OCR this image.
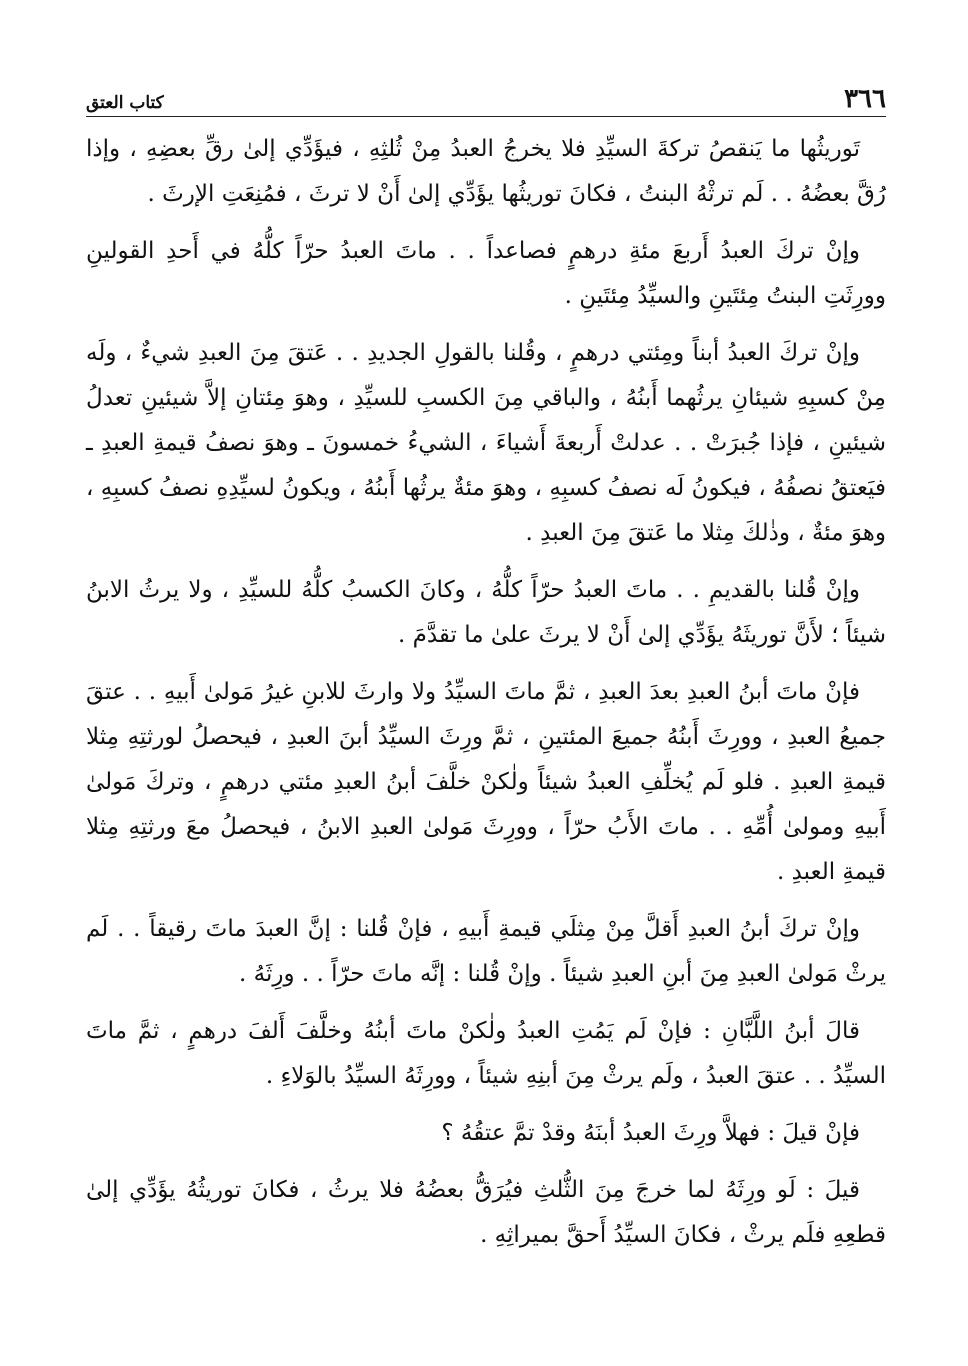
٣٦٦
كتاب العتق

تَوريثُها ما يَنقصُ تركةَ السيِّدِ فلا يخرجُ العبدُ مِنْ ثُلثِهِ ، فيؤَدِّي إلىٰ رقِّ بعضِهِ ، وإذا رُقَّ بعضُهُ . . لَم ترثْهُ البنتُ ، فكانَ توريثُها يؤَدِّي إلىٰ أَنْ لا ترثَ ، فمُنِعَتِ الإرثَ .

وإنْ تركَ العبدُ أَربعَ مئةِ درهمٍ فصاعداً . . ماتَ العبدُ حرّاً كلُّهُ في أَحدِ القولينِ وورِثَتِ البنتُ مِئتَينِ والسيِّدُ مِئتَينِ .

وإنْ تركَ العبدُ أبناً ومِئتي درهمٍ ، وقُلنا بالقولِ الجديدِ . . عَتقَ مِنَ العبدِ شيءٌ ، ولَه مِنْ كسبِهِ شيئانِ يرثُهما أَبنُهُ ، والباقي مِنَ الكسبِ للسيِّدِ ، وهوَ مِئتانِ إلاَّ شيئينِ تعدلُ شيئينِ ، فإذا جُبرَتْ . . عدلتْ أَربعةَ أَشياءَ ، الشيءُ خمسونَ ـ وهوَ نصفُ قيمةِ العبدِ ـ فيَعتقُ نصفُهُ ، فيكونُ لَه نصفُ كسبِهِ ، وهوَ مئةٌ يرثُها أَبنُهُ ، ويكونُ لسيِّدِهِ نصفُ كسبِهِ ، وهوَ مئةٌ ، وذٰلكَ مِثلا ما عَتقَ مِنَ العبدِ .

وإنْ قُلنا بالقديمِ . . ماتَ العبدُ حرّاً كلُّهُ ، وكانَ الكسبُ كلُّهُ للسيِّدِ ، ولا يرثُ الابنُ شيئاً ؛ لأَنَّ توريثَهُ يؤَدِّي إلىٰ أَنْ لا يرثَ علىٰ ما تقدَّمَ .

فإنْ ماتَ أبنُ العبدِ بعدَ العبدِ ، ثمَّ ماتَ السيِّدُ ولا وارثَ للابنِ غيرُ مَولىٰ أَبيهِ . . عتقَ جميعُ العبدِ ، وورِثَ أَبنُهُ جميعَ المئتينِ ، ثمَّ ورِثَ السيِّدُ أبنَ العبدِ ، فيحصلُ لورثتِهِ مِثلا قيمةِ العبدِ . فلو لَم يُخلِّفِ العبدُ شيئاً ولٰكنْ خلَّفَ أبنُ العبدِ مئتي درهمٍ ، وتركَ مَولىٰ أَبيهِ ومولىٰ أُمِّهِ . . ماتَ الأَبُ حرّاً ، وورِثَ مَولىٰ العبدِ الابنُ ، فيحصلُ معَ ورثتِهِ مِثلا قيمةِ العبدِ .

وإنْ تركَ أبنُ العبدِ أَقلَّ مِنْ مِثلَي قيمةِ أَبيهِ ، فإنْ قُلنا : إنَّ العبدَ ماتَ رقيقاً . . لَم يرثْ مَولىٰ العبدِ مِنَ أبنِ العبدِ شيئاً . وإنْ قُلنا : إنَّه ماتَ حرّاً . . ورِثَهُ .

قالَ أبنُ اللَّبَّانِ : فإنْ لَم يَمُتِ العبدُ ولٰكنْ ماتَ أبنُهُ وخلَّفَ أَلفَ درهمٍ ، ثمَّ ماتَ السيِّدُ . . عتقَ العبدُ ، ولَم يرثْ مِنَ أبنِهِ شيئاً ، وورِثَهُ السيِّدُ بالوَلاءِ .

فإنْ قيلَ : فهلاَّ ورِثَ العبدُ أبنَهُ وقدْ تمَّ عتقُهُ ؟

قيلَ : لَو ورِثَهُ لما خرجَ مِنَ الثُّلثِ فيُرَقُّ بعضُهُ فلا يرثُ ، فكانَ توريثُهُ يؤَدِّي إلىٰ قطعِهِ فلَم يرثْ ، فكانَ السيِّدُ أَحقَّ بميراثِهِ .
